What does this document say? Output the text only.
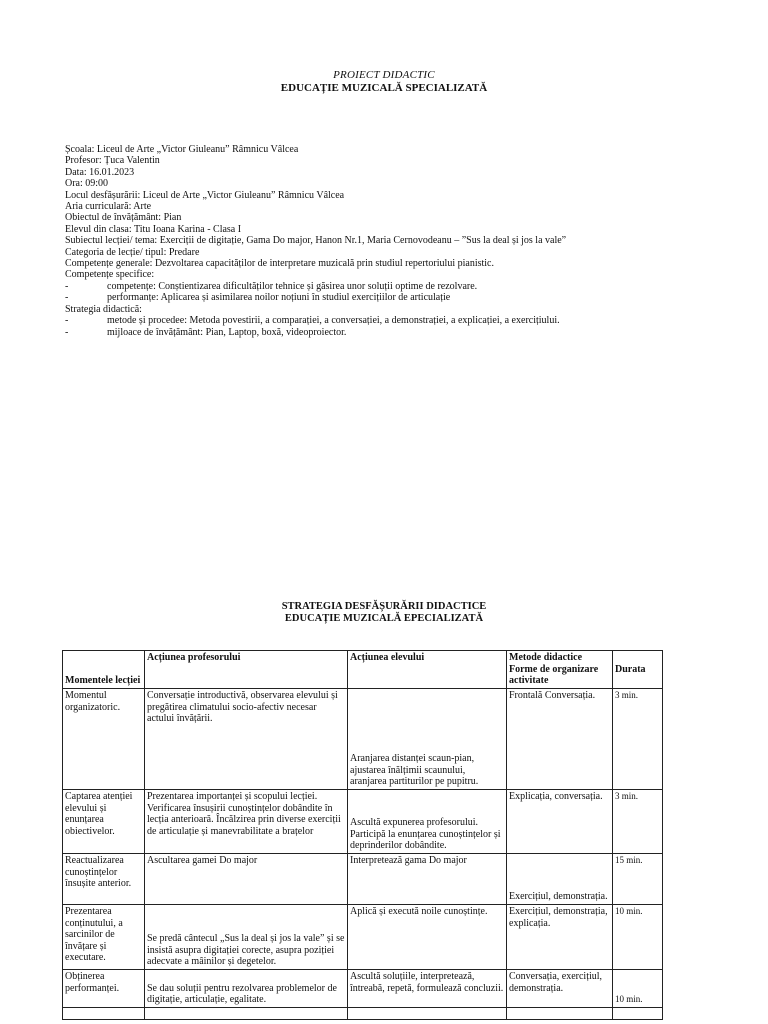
PROIECT DIDACTIC
EDUCAȚIE MUZICALĂ SPECIALIZATĂ
Școala: Liceul de Arte „Victor Giuleanu” Râmnicu Vâlcea
Profesor: Țuca Valentin
Data: 16.01.2023
Ora: 09:00
Locul desfășurării: Liceul de Arte „Victor Giuleanu” Râmnicu Vâlcea
Aria curriculară: Arte
Obiectul de învățământ: Pian
Elevul din clasa: Titu Ioana Karina - Clasa I
Subiectul lecției/ tema: Exerciții de digitație, Gama Do major, Hanon Nr.1, Maria Cernovodeanu – ”Sus la deal și jos la vale”
Categoria de lecție/ tipul: Predare
Competențe generale: Dezvoltarea capacităților de interpretare muzicală prin studiul repertoriului pianistic.
Competențe specifice:
-	competențe: Conștientizarea dificultăților tehnice și găsirea unor soluții optime de rezolvare.
-	performanțe: Aplicarea și asimilarea noilor noțiuni în studiul exercițiilor de articulație
Strategia didactică:
-	metode și procedee: Metoda povestirii, a comparației, a conversației, a demonstrației, a explicației, a exercițiului.
-	mijloace de învățământ: Pian, Laptop, boxă, videoproiector.
STRATEGIA DESFĂȘURĂRII DIDACTICE
EDUCAȚIE MUZICALĂ EPECIALIZATĂ
Momentele lecției	Acțiunea profesorului	Acțiunea elevului	Metode didactice Forme de organizare activitate	Durata
Momentul organizatoric.	Conversație introductivă, observarea elevului și pregătirea climatului socio-afectiv necesar actului învățării.	Aranjarea distanței scaun-pian, ajustarea înălțimii scaunului, aranjarea partiturilor pe pupitru.	Frontală Conversația.	3 min.
Captarea atenției elevului și enunțarea obiectivelor.	Prezentarea importanței și scopului lecției. Verificarea însușirii cunoștințelor dobândite în lecția anterioară. Încălzirea prin diverse exerciții de articulație și manevrabilitate a brațelor	Ascultă expunerea profesorului. Participă la enunțarea cunoștințelor și deprinderilor dobândite.	Explicația, conversația.	3 min.
Reactualizarea cunoștințelor însușite anterior.	Ascultarea gamei Do major	Interpretează gama Do major	Exercițiul, demonstrația.	15 min.
Prezentarea conținutului, a sarcinilor de învățare și executare.	Se predă cântecul „Sus la deal și jos la vale” și se insistă asupra digitației corecte, asupra poziției adecvate a mâinilor și degetelor.	Aplică și execută noile cunoștințe.	Exercițiul, demonstrația, explicația.	10 min.
Obținerea performanței.	Se dau soluții pentru rezolvarea problemelor de digitație, articulație, egalitate.	Ascultă soluțiile, interpretează, întreabă, repetă, formulează concluzii.	Conversația, exercițiul, demonstrația.	10 min.
